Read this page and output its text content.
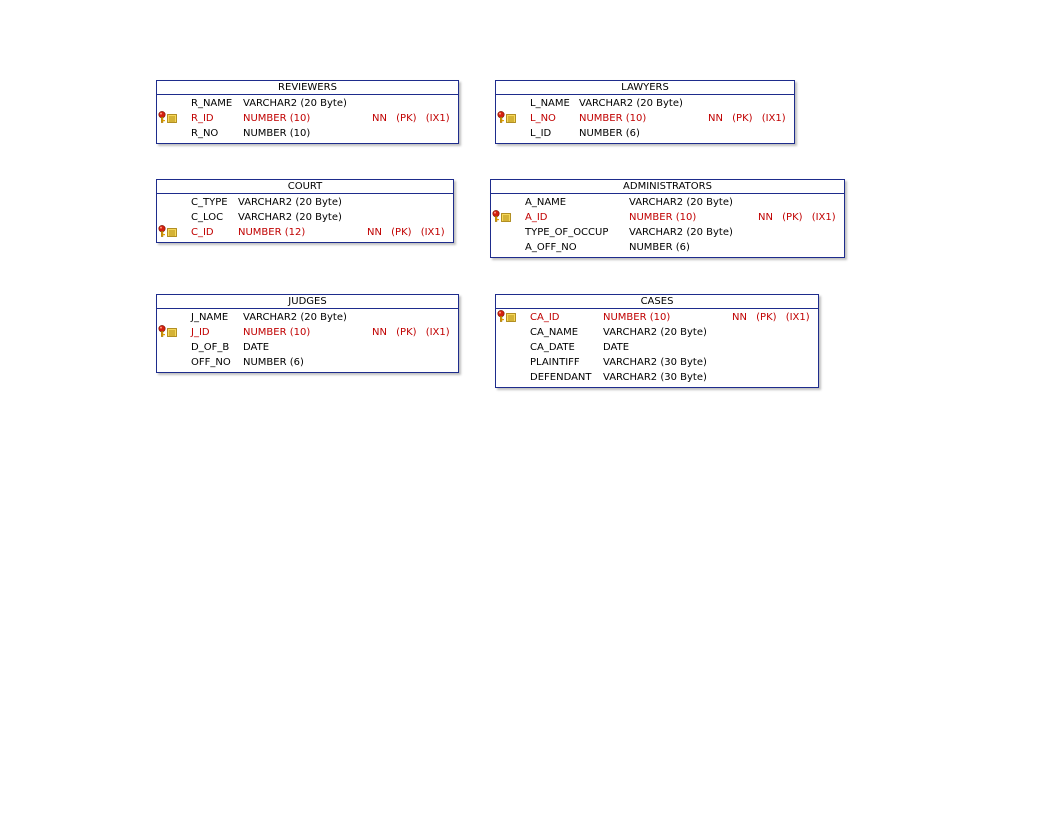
REVIEWERS
R_NAME VARCHAR2 (20 Byte)
R_ID	NUMBER (10)	NN (PK) (IX1)
R_NO NUMBER (10)
LAWYERS
L_NAME VARCHAR2 (20 Byte)
L_NO NUMBER (10)	NN (PK) (IX1)
L_ID	NUMBER (6)
COURT
C_TYPE VARCHAR2 (20 Byte)
C_LOC VARCHAR2 (20 Byte)
C_ID NUMBER (12)	NN (PK) (IX1)
ADMINISTRATORS
A_NAME	VARCHAR2 (20 Byte)
A_ID	NUMBER (10)	NN (PK) (IX1)
TYPE_OF_OCCUP VARCHAR2 (20 Byte)
A_OFF_NO	NUMBER (6)
JUDGES
J_NAME VARCHAR2 (20 Byte)
J_ID	NUMBER (10)	NN (PK) (IX1)
D_OF_B DATE
OFF_NO NUMBER (6)
CASES
CA_ID	NUMBER (10)	NN (PK) (IX1)
CA_NAME VARCHAR2 (20 Byte)
CA_DATE	DATE
PLAINTIFF VARCHAR2 (30 Byte)
DEFENDANT VARCHAR2 (30 Byte)
